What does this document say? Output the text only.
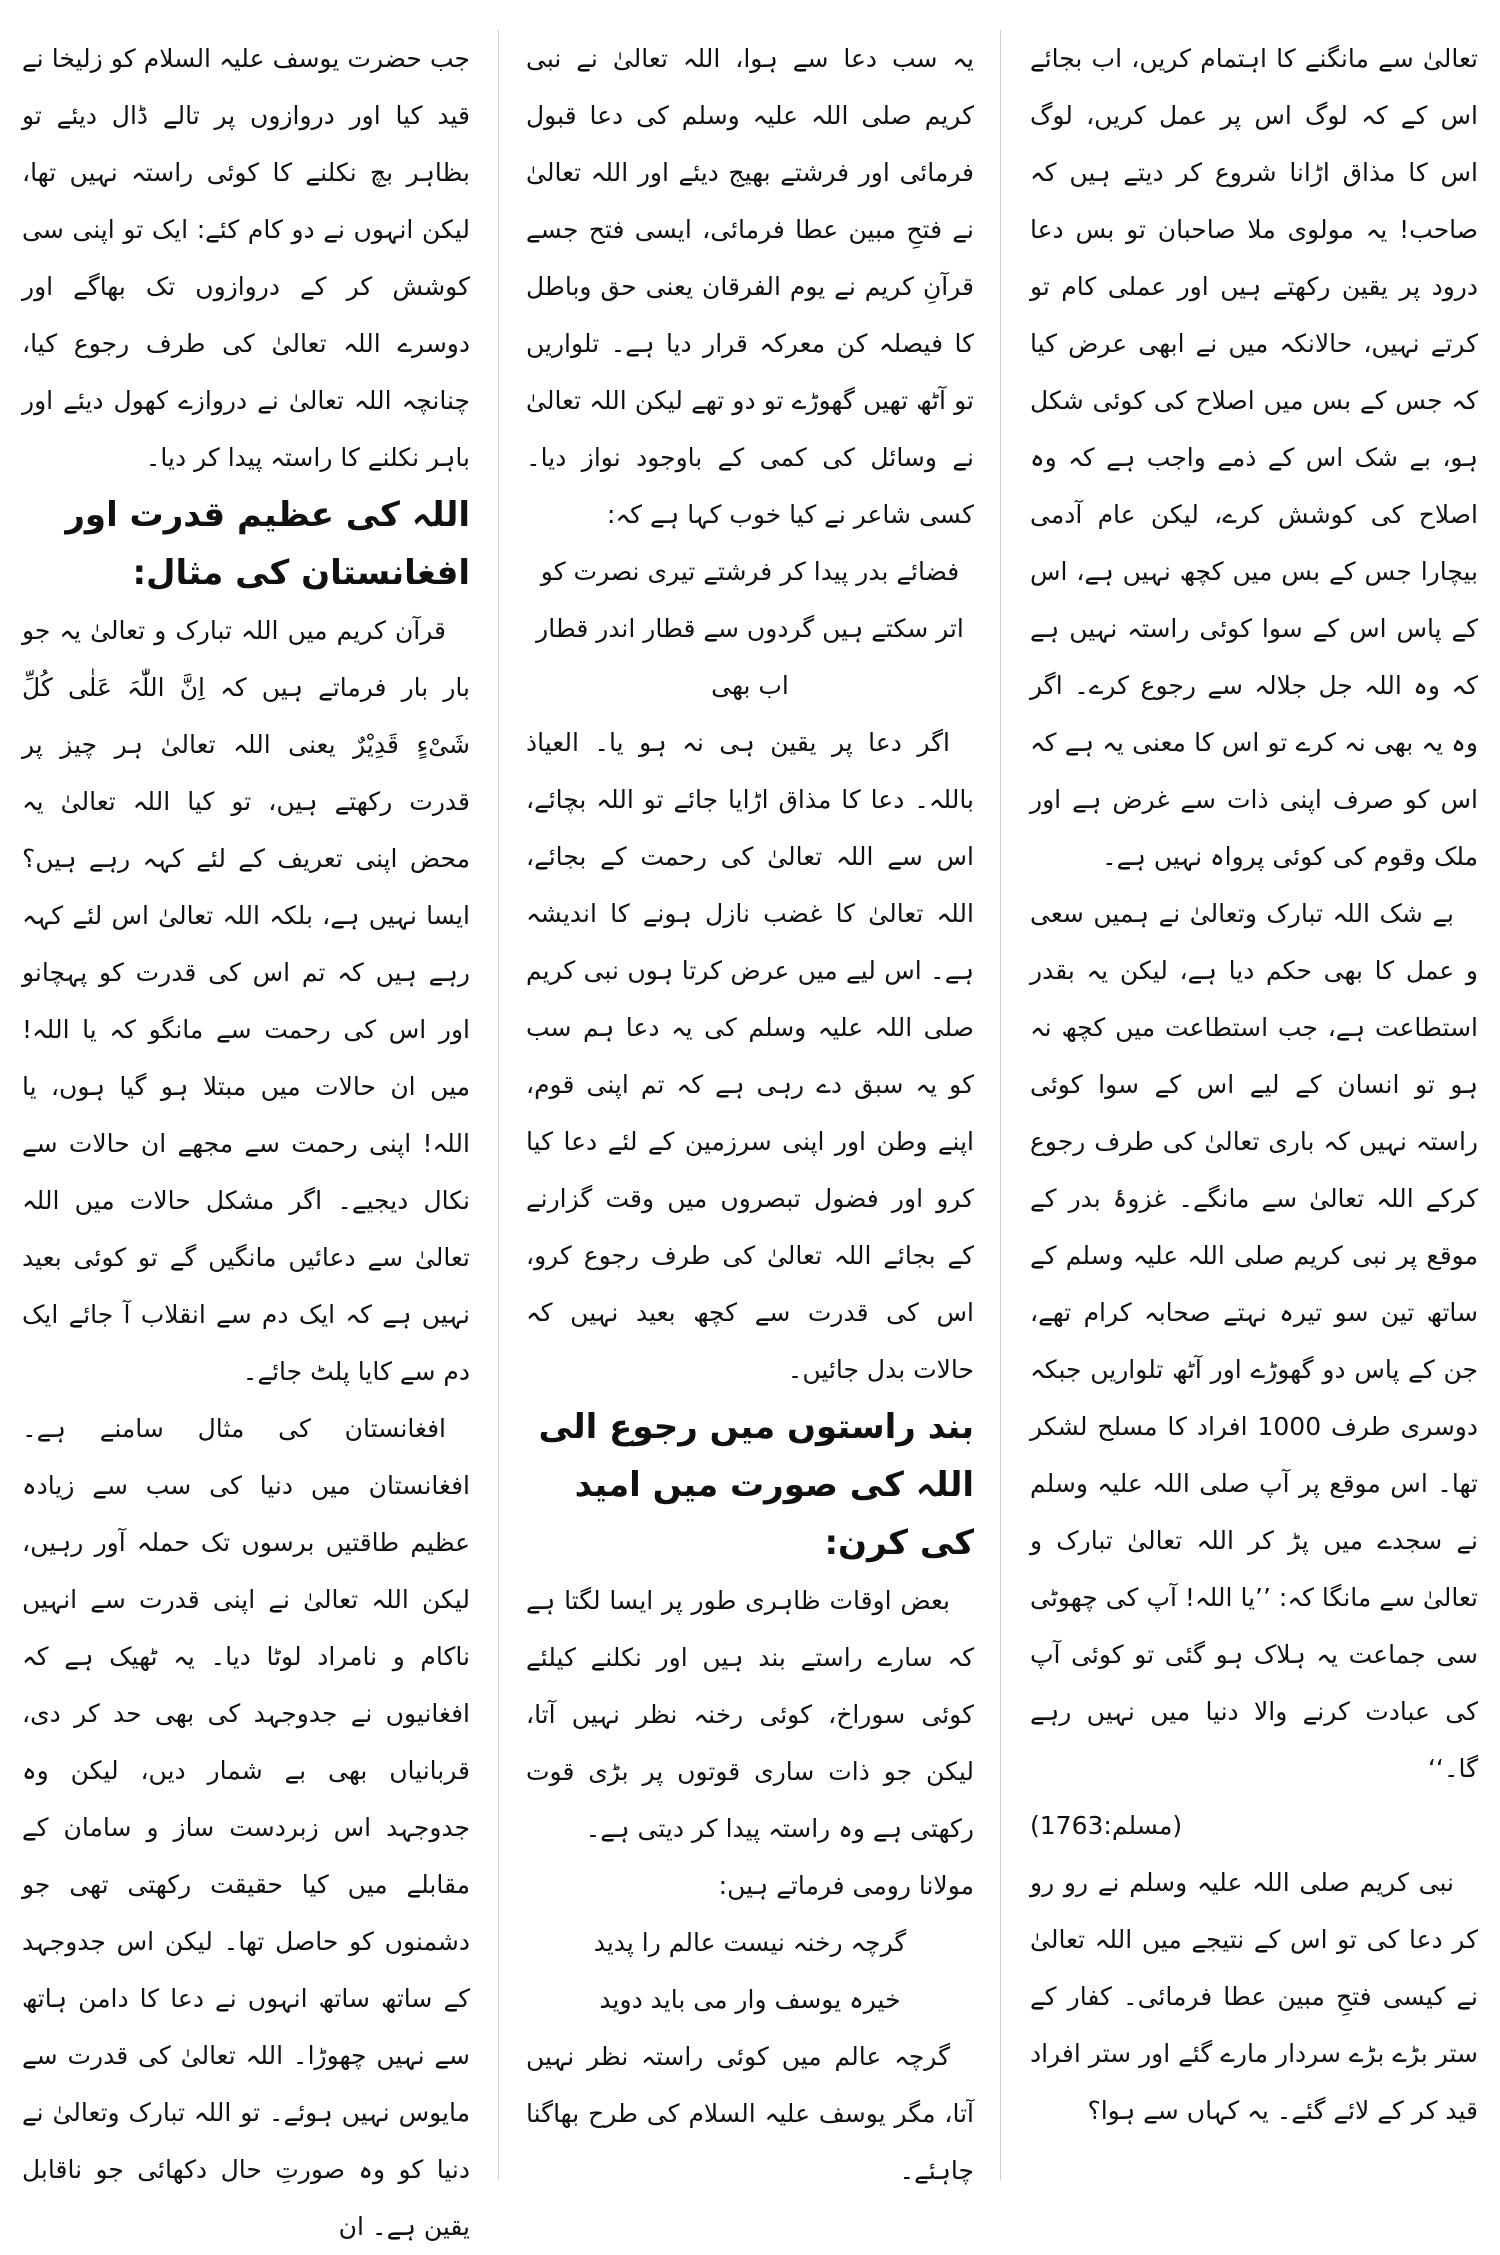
تعالیٰ سے مانگنے کا اہتمام کریں، اب بجائے اس کے کہ لوگ اس پر عمل کریں، لوگ اس کا مذاق اڑانا شروع کر دیتے ہیں کہ صاحب! یہ مولوی ملا صاحبان تو بس دعا درود پر یقین رکھتے ہیں اور عملی کام تو کرتے نہیں، حالانکہ میں نے ابھی عرض کیا کہ جس کے بس میں اصلاح کی کوئی شکل ہو، بے شک اس کے ذمے واجب ہے کہ وہ اصلاح کی کوشش کرے، لیکن عام آدمی بیچارا جس کے بس میں کچھ نہیں ہے، اس کے پاس اس کے سوا کوئی راستہ نہیں ہے کہ وہ اللہ جل جلالہ سے رجوع کرے۔ اگر وہ یہ بھی نہ کرے تو اس کا معنی یہ ہے کہ اس کو صرف اپنی ذات سے غرض ہے اور ملک وقوم کی کوئی پرواہ نہیں ہے۔

بے شک اللہ تبارک وتعالیٰ نے ہمیں سعی و عمل کا بھی حکم دیا ہے، لیکن یہ بقدر استطاعت ہے، جب استطاعت میں کچھ نہ ہو تو انسان کے لیے اس کے سوا کوئی راستہ نہیں کہ باری تعالیٰ کی طرف رجوع کرکے اللہ تعالیٰ سے مانگے۔ غزوۂ بدر کے موقع پر نبی کریم صلی اللہ علیہ وسلم کے ساتھ تین سو تیرہ نہتے صحابہ کرام تھے، جن کے پاس دو گھوڑے اور آٹھ تلواریں جبکہ دوسری طرف 1000 افراد کا مسلح لشکر تھا۔ اس موقع پر آپ صلی اللہ علیہ وسلم نے سجدے میں پڑ کر اللہ تعالیٰ تبارک و تعالیٰ سے مانگا کہ: ’’یا اللہ! آپ کی چھوٹی سی جماعت یہ ہلاک ہو گئی تو کوئی آپ کی عبادت کرنے والا دنیا میں نہیں رہے گا۔‘‘

(مسلم:1763)

نبی کریم صلی اللہ علیہ وسلم نے رو رو کر دعا کی تو اس کے نتیجے میں اللہ تعالیٰ نے کیسی فتحِ مبین عطا فرمائی۔ کفار کے ستر بڑے بڑے سردار مارے گئے اور ستر افراد قید کر کے لائے گئے۔ یہ کہاں سے ہوا؟

یہ سب دعا سے ہوا، اللہ تعالیٰ نے نبی کریم صلی اللہ علیہ وسلم کی دعا قبول فرمائی اور فرشتے بھیج دیئے اور اللہ تعالیٰ نے فتحِ مبین عطا فرمائی، ایسی فتح جسے قرآنِ کریم نے یوم الفرقان یعنی حق وباطل کا فیصلہ کن معرکہ قرار دیا ہے۔ تلواریں تو آٹھ تھیں گھوڑے تو دو تھے لیکن اللہ تعالیٰ نے وسائل کی کمی کے باوجود نواز دیا۔ کسی شاعر نے کیا خوب کہا ہے کہ:

فضائے بدر پیدا کر فرشتے تیری نصرت کو

اتر سکتے ہیں گردوں سے قطار اندر قطار اب بھی

اگر دعا پر یقین ہی نہ ہو یا۔ العیاذ باللہ۔ دعا کا مذاق اڑایا جائے تو اللہ بچائے، اس سے اللہ تعالیٰ کی رحمت کے بجائے، اللہ تعالیٰ کا غضب نازل ہونے کا اندیشہ ہے۔ اس لیے میں عرض کرتا ہوں نبی کریم صلی اللہ علیہ وسلم کی یہ دعا ہم سب کو یہ سبق دے رہی ہے کہ تم اپنی قوم، اپنے وطن اور اپنی سرزمین کے لئے دعا کیا کرو اور فضول تبصروں میں وقت گزارنے کے بجائے اللہ تعالیٰ کی طرف رجوع کرو، اس کی قدرت سے کچھ بعید نہیں کہ حالات بدل جائیں۔

بند راستوں میں رجوع الی اللہ کی صورت میں امید کی کرن:

بعض اوقات ظاہری طور پر ایسا لگتا ہے کہ سارے راستے بند ہیں اور نکلنے کیلئے کوئی سوراخ، کوئی رخنہ نظر نہیں آتا، لیکن جو ذات ساری قوتوں پر بڑی قوت رکھتی ہے وہ راستہ پیدا کر دیتی ہے۔

مولانا رومی فرماتے ہیں:

گرچہ رخنہ نیست عالم را پدید

خیرہ یوسف وار می باید دوید

گرچہ عالم میں کوئی راستہ نظر نہیں آتا، مگر یوسف علیہ السلام کی طرح بھاگنا چاہئے۔

جب حضرت یوسف علیہ السلام کو زلیخا نے قید کیا اور دروازوں پر تالے ڈال دیئے تو بظاہر بچ نکلنے کا کوئی راستہ نہیں تھا، لیکن انہوں نے دو کام کئے: ایک تو اپنی سی کوشش کر کے دروازوں تک بھاگے اور دوسرے اللہ تعالیٰ کی طرف رجوع کیا، چنانچہ اللہ تعالیٰ نے دروازے کھول دیئے اور باہر نکلنے کا راستہ پیدا کر دیا۔

اللہ کی عظیم قدرت اور افغانستان کی مثال:

قرآن کریم میں اللہ تبارک و تعالیٰ یہ جو بار بار فرماتے ہیں کہ اِنَّ اللّٰہَ عَلٰی کُلِّ شَیْءٍ قَدِیْرٌ یعنی اللہ تعالیٰ ہر چیز پر قدرت رکھتے ہیں، تو کیا اللہ تعالیٰ یہ محض اپنی تعریف کے لئے کہہ رہے ہیں؟ ایسا نہیں ہے، بلکہ اللہ تعالیٰ اس لئے کہہ رہے ہیں کہ تم اس کی قدرت کو پہچانو اور اس کی رحمت سے مانگو کہ یا اللہ! میں ان حالات میں مبتلا ہو گیا ہوں، یا اللہ! اپنی رحمت سے مجھے ان حالات سے نکال دیجیے۔ اگر مشکل حالات میں اللہ تعالیٰ سے دعائیں مانگیں گے تو کوئی بعید نہیں ہے کہ ایک دم سے انقلاب آ جائے ایک دم سے کایا پلٹ جائے۔

افغانستان کی مثال سامنے ہے۔ افغانستان میں دنیا کی سب سے زیادہ عظیم طاقتیں برسوں تک حملہ آور رہیں، لیکن اللہ تعالیٰ نے اپنی قدرت سے انہیں ناکام و نامراد لوٹا دیا۔ یہ ٹھیک ہے کہ افغانیوں نے جدوجہد کی بھی حد کر دی، قربانیاں بھی بے شمار دیں، لیکن وہ جدوجہد اس زبردست ساز و سامان کے مقابلے میں کیا حقیقت رکھتی تھی جو دشمنوں کو حاصل تھا۔ لیکن اس جدوجہد کے ساتھ ساتھ انہوں نے دعا کا دامن ہاتھ سے نہیں چھوڑا۔ اللہ تعالیٰ کی قدرت سے مایوس نہیں ہوئے۔ تو اللہ تبارک وتعالیٰ نے دنیا کو وہ صورتِ حال دکھائی جو ناقابل یقین ہے۔ ان
